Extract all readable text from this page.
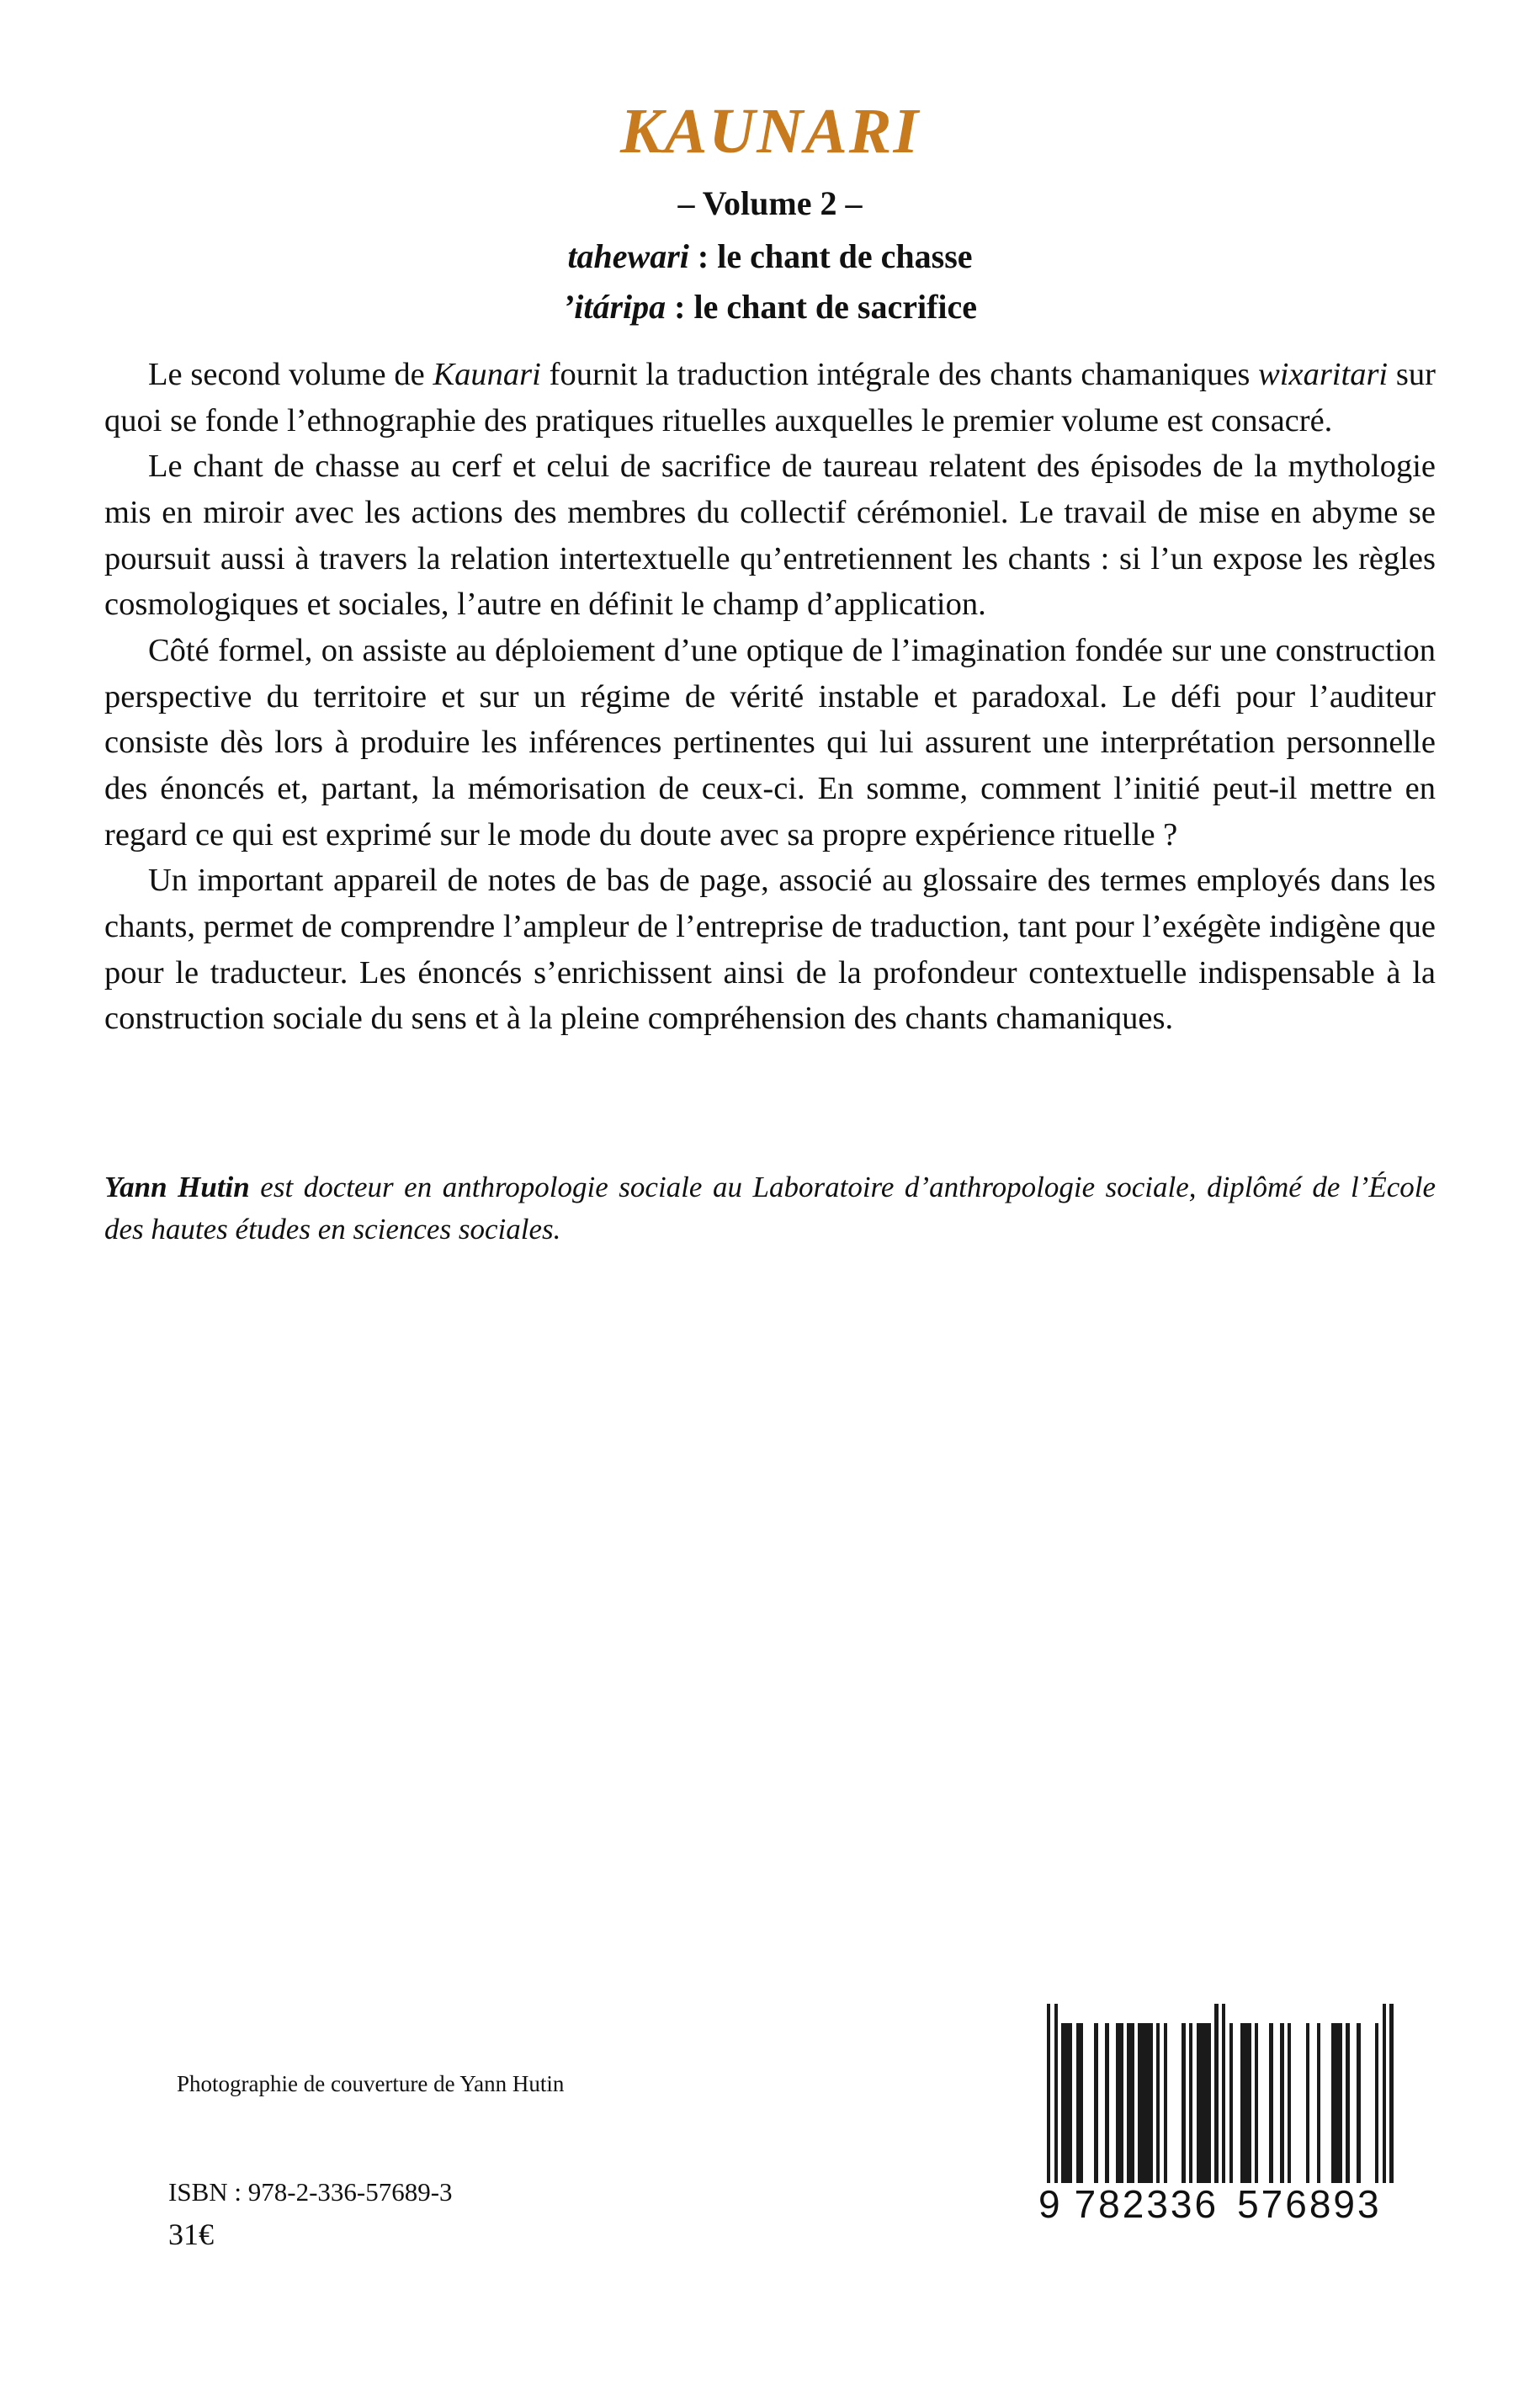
KAUNARI
– Volume 2 –
tahewari : le chant de chasse
’itáripa : le chant de sacrifice

Le second volume de Kaunari fournit la traduction intégrale des chants chamaniques wixaritari sur quoi se fonde l’ethnographie des pratiques rituelles auxquelles le premier volume est consacré.

Le chant de chasse au cerf et celui de sacrifice de taureau relatent des épisodes de la mythologie mis en miroir avec les actions des membres du collectif cérémoniel. Le travail de mise en abyme se poursuit aussi à travers la relation intertextuelle qu’entretiennent les chants : si l’un expose les règles cosmologiques et sociales, l’autre en définit le champ d’application.

Côté formel, on assiste au déploiement d’une optique de l’imagination fondée sur une construction perspective du territoire et sur un régime de vérité instable et paradoxal. Le défi pour l’auditeur consiste dès lors à produire les inférences pertinentes qui lui assurent une interprétation personnelle des énoncés et, partant, la mémorisation de ceux-ci. En somme, comment l’initié peut-il mettre en regard ce qui est exprimé sur le mode du doute avec sa propre expérience rituelle ?

Un important appareil de notes de bas de page, associé au glossaire des termes employés dans les chants, permet de comprendre l’ampleur de l’entreprise de traduction, tant pour l’exégète indigène que pour le traducteur. Les énoncés s’enrichissent ainsi de la profondeur contextuelle indispensable à la construction sociale du sens et à la pleine compréhension des chants chamaniques.

Yann Hutin est docteur en anthropologie sociale au Laboratoire d’anthropologie sociale, diplômé de l’École des hautes études en sciences sociales.
Photographie de couverture de Yann Hutin
ISBN : 978-2-336-57689-3
31€
9 782336 576893
